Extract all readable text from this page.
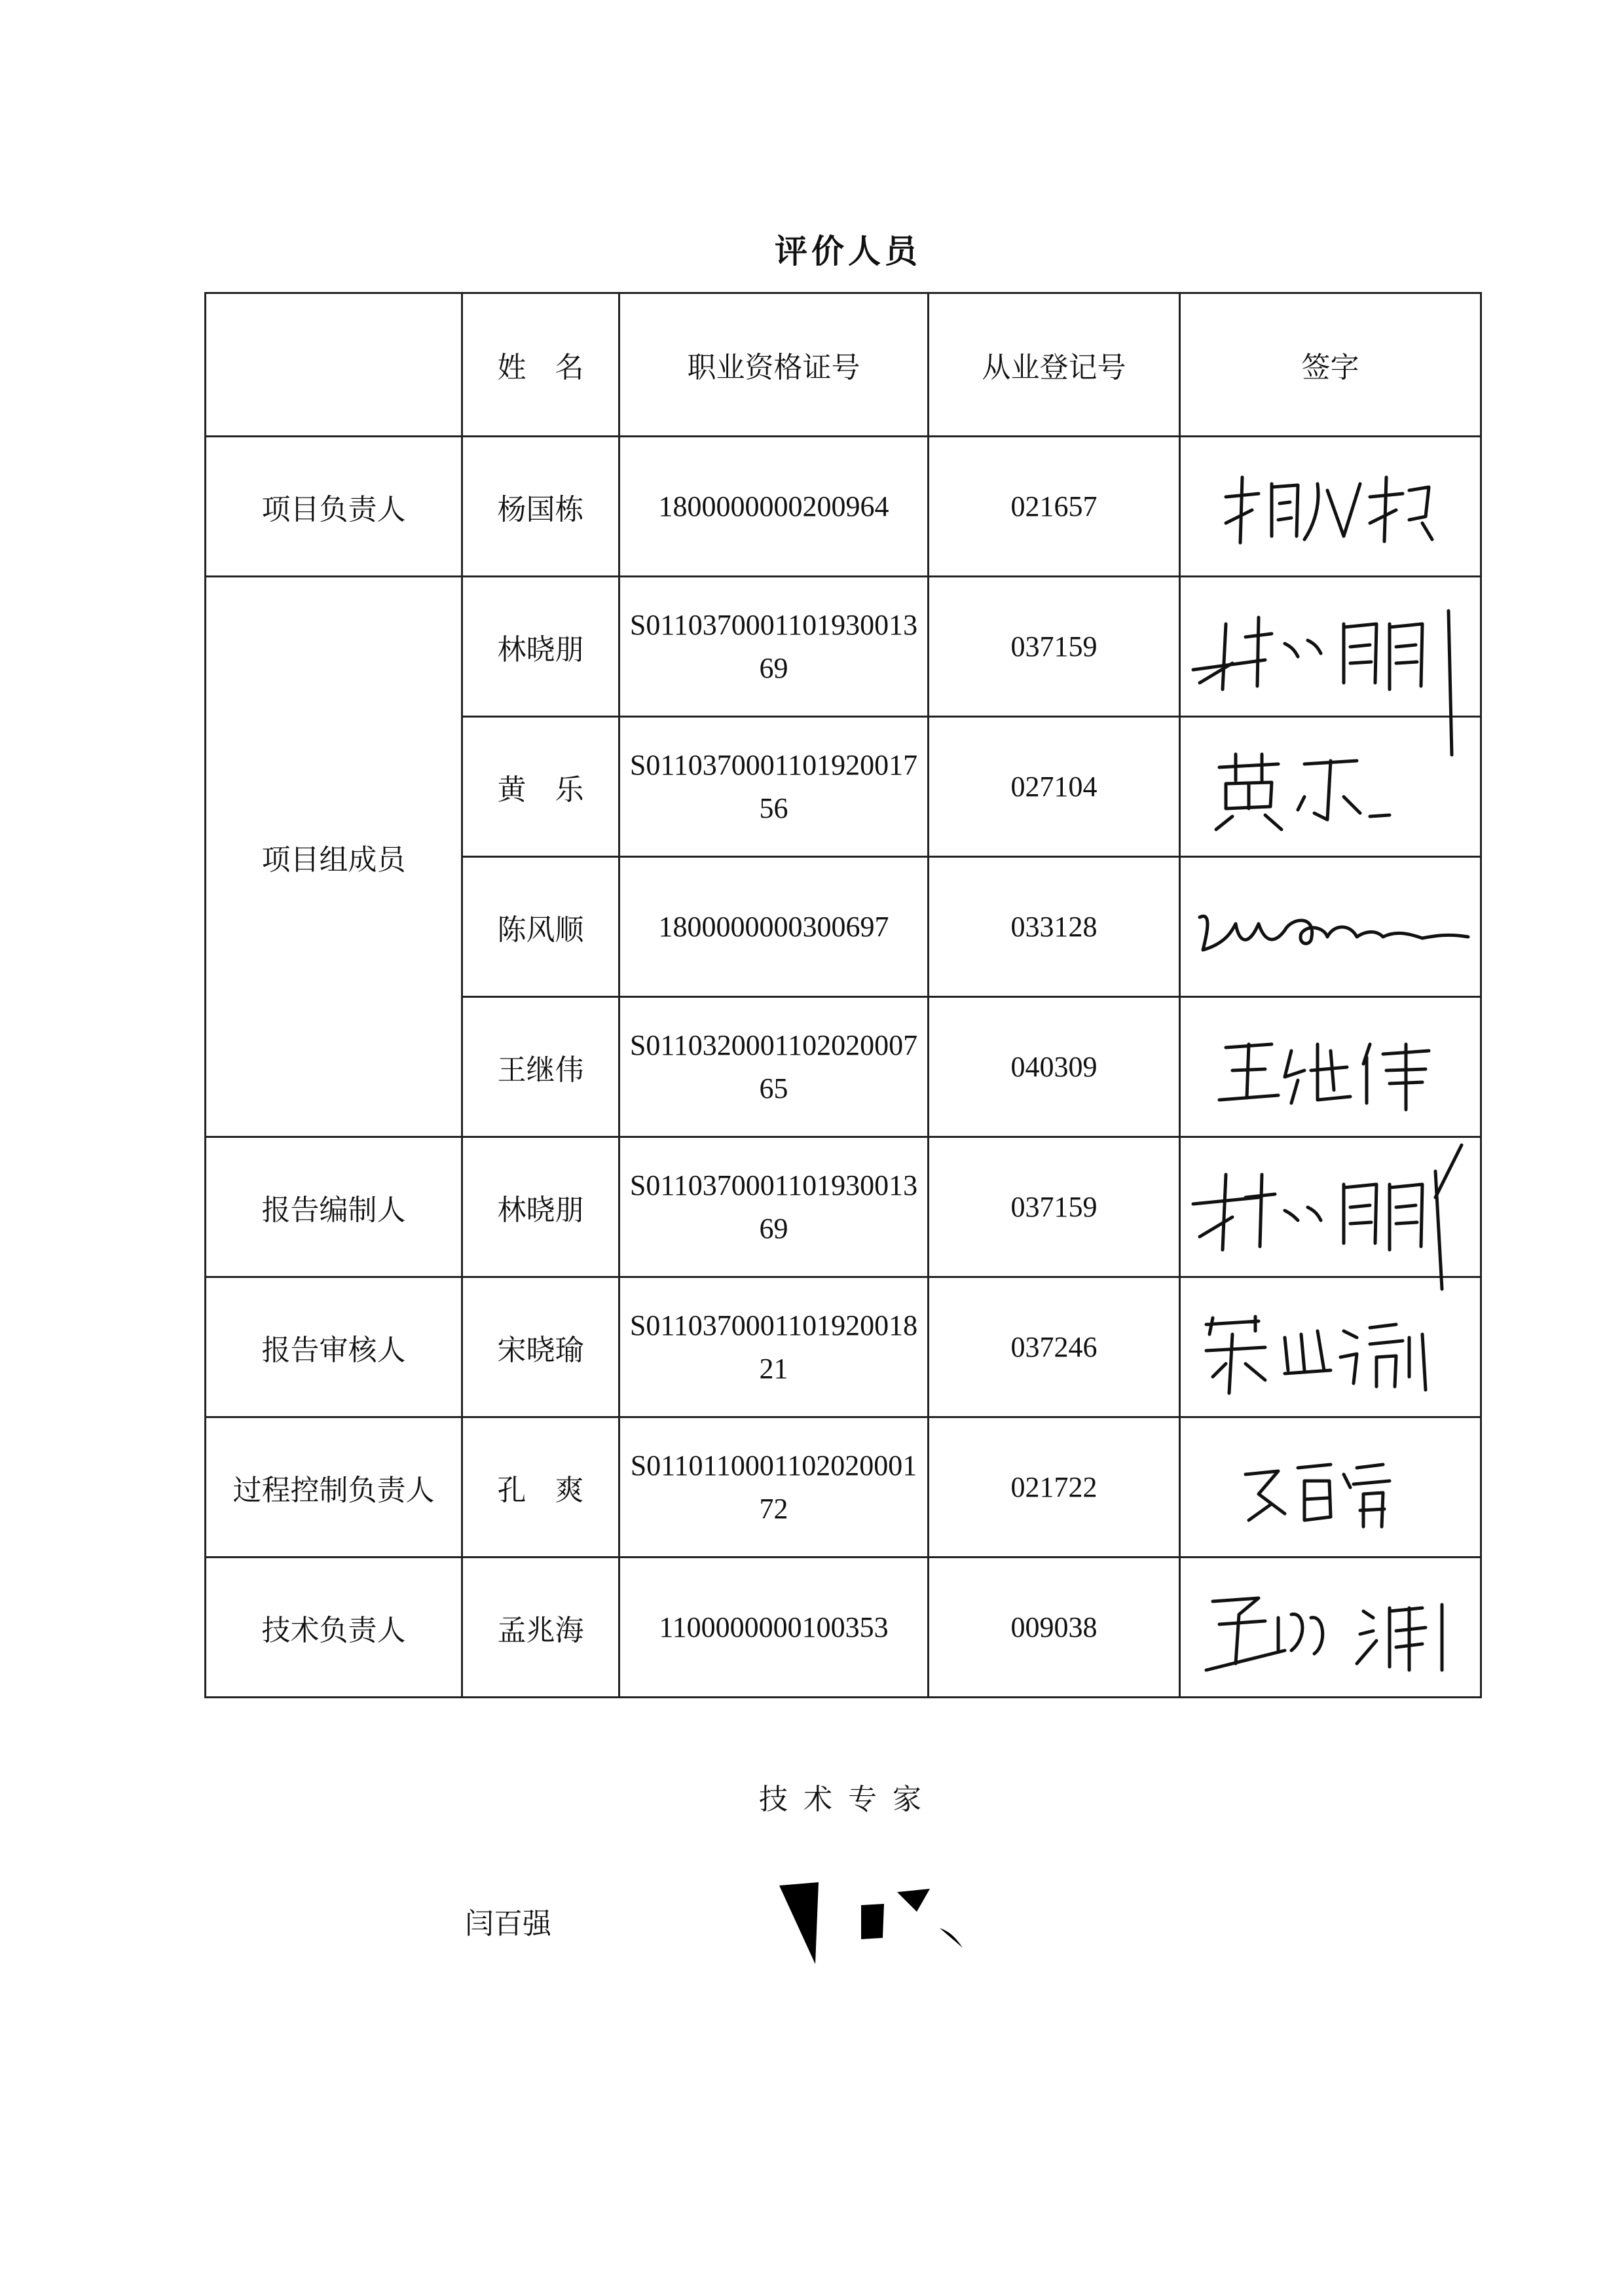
评价人员
	姓　名	职业资格证号	从业登记号	签字
项目负责人	杨国栋	1800000000200964	021657	

项目组成员	林晓朋	S011037000110193001369	037159	

	黄　乐	S011037000110192001756	027104	

	陈风顺	1800000000300697	033128	

	王继伟	S011032000110202000765	040309	

报告编制人	林晓朋	S011037000110193001369	037159	

报告审核人	宋晓瑜	S011037000110192001821	037246	

过程控制负责人	孔　爽	S011011000110202000172	021722	

技术负责人	孟兆海	1100000000100353	009038	
技术专家
闫百强
